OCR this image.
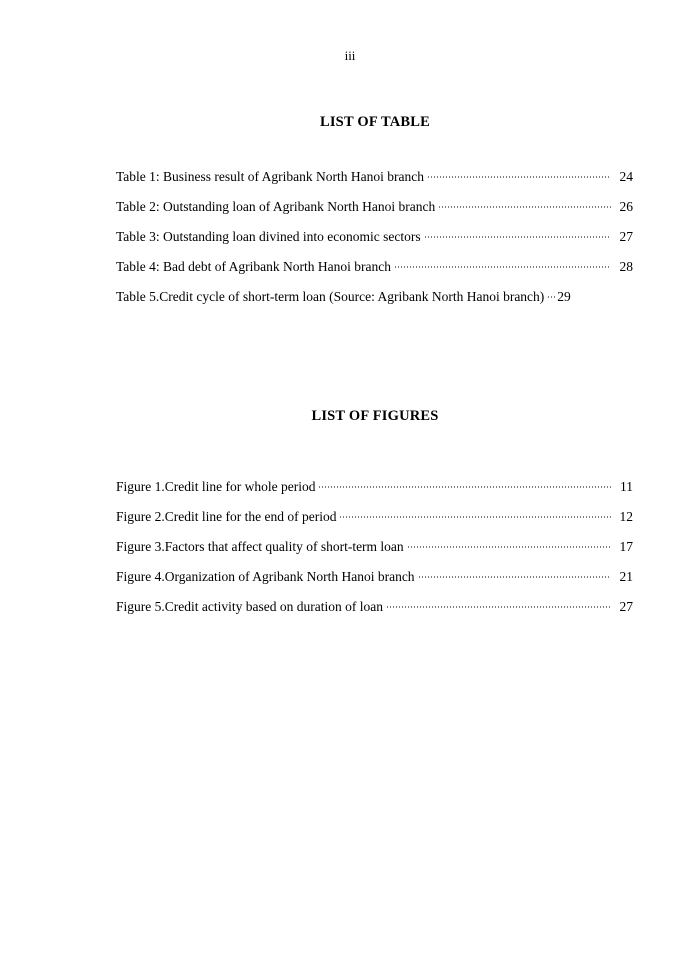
iii
LIST OF TABLE
Table 1: Business result of Agribank North Hanoi branch	24
Table 2: Outstanding loan of Agribank North Hanoi branch	26
Table 3: Outstanding loan divined into economic sectors	27
Table 4: Bad debt of Agribank North Hanoi branch	28
Table 5.Credit cycle of short-term loan (Source: Agribank North Hanoi branch) 29
LIST OF FIGURES
Figure 1.Credit line for whole period	11
Figure 2.Credit line for the end of period	12
Figure 3.Factors that affect quality of short-term loan	17
Figure 4.Organization of Agribank North Hanoi branch	21
Figure 5.Credit activity based on duration of loan	27
